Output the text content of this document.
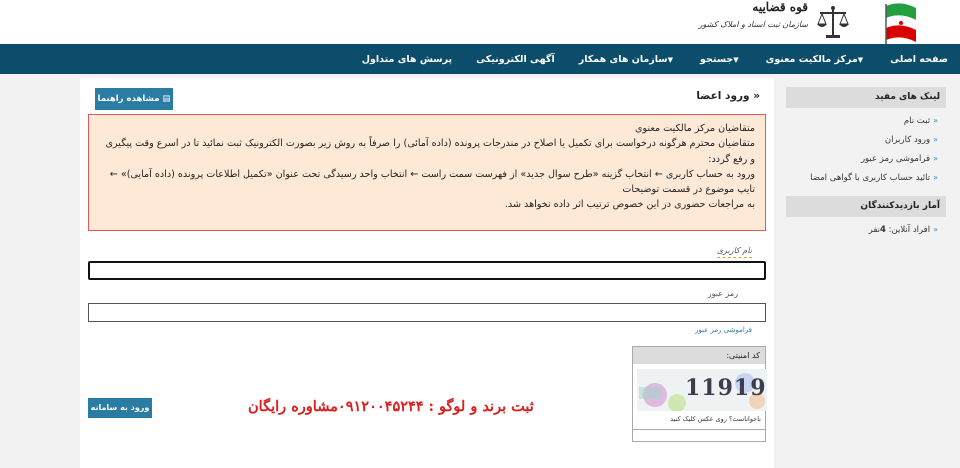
قوه قضاییه
سازمان ثبت اسناد و املاک کشور
صفحه اصلی
▼مرکز مالکیت معنوی
▼جستجو
▼سازمان های همکار
آگهی الکترونیکی
پرسش های متداول
لینک های مفید
«ثبت نام
«ورود کاربران
«فراموشی رمز عبور
«تائید حساب کاربری با گواهی امضا
آمار بازدیدکنندگان
«افراد آنلاین: 4نفر
▤ مشاهده راهنما	« ورود اعضا

متقاضیان مرکز مالکیت معنوی

متقاضیان محترم هرگونه درخواست برای تکمیل یا اصلاح در مندرجات پرونده (داده آمائی) را صرفاً به روش زیر بصورت الکترونیک ثبت نمائید تا در اسرع وقت پیگیری و رفع گردد:

ورود به حساب کاربری ← انتخاب گزینه «طرح سوال جدید» از فهرست سمت راست ← انتخاب واحد رسیدگی تحت عنوان «تکمیل اطلاعات پرونده (داده آمایی)» ← تایپ موضوع در قسمت توضیحات

به مراجعات حضوری در این خصوص ترتیب اثر داده نخواهد شد.

نام کاربری
رمز عبور
فراموشی رمز عبور
کد امنیتی:
11919
ناخواناست؟ روی عکس کلیک کنید
ورود به سامانه	ثبت برند و لوگو : ۰۹۱۲۰۰۴۵۲۴۴مشاوره رایگان
